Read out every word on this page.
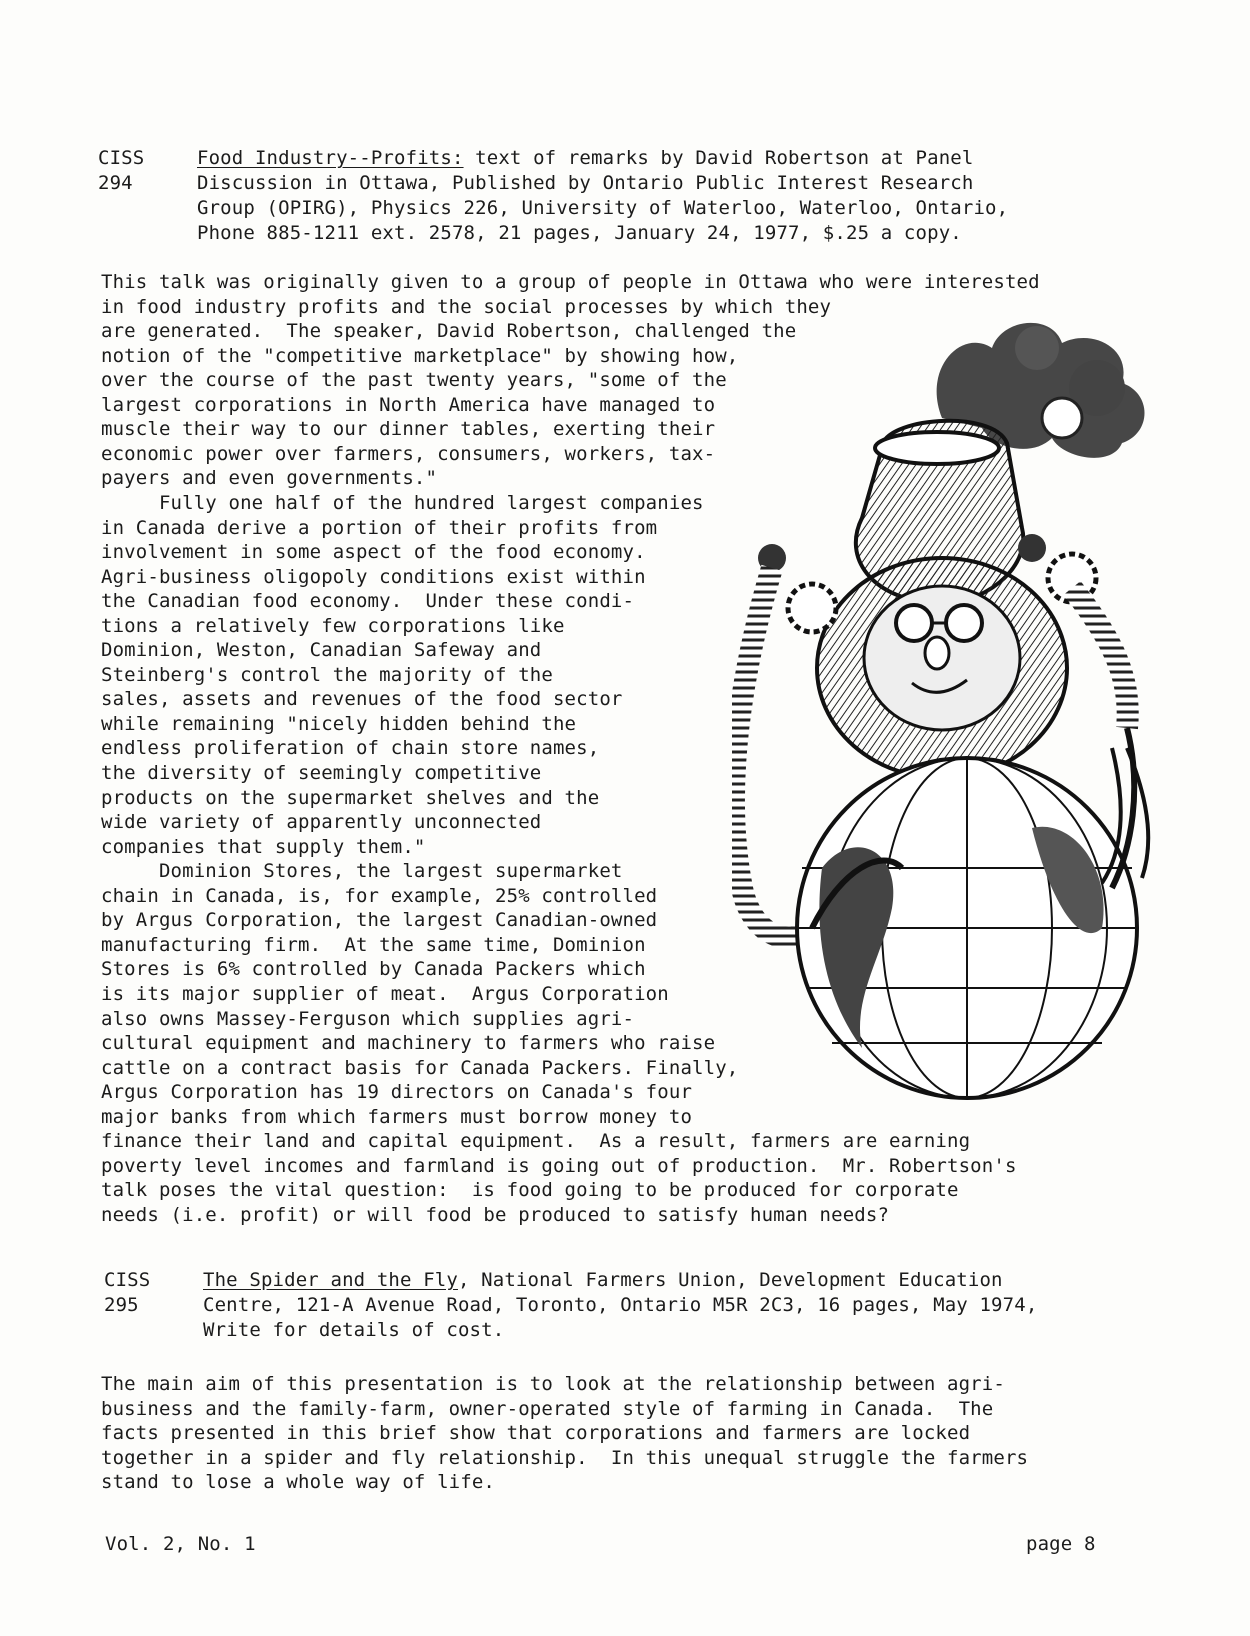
CISS
294
Food Industry--Profits: text of remarks by David Robertson at Panel
Discussion in Ottawa, Published by Ontario Public Interest Research
Group (OPIRG), Physics 226, University of Waterloo, Waterloo, Ontario,
Phone 885-1211 ext. 2578, 21 pages, January 24, 1977, $.25 a copy.
This talk was originally given to a group of people in Ottawa who were interested
in food industry profits and the social processes by which they
are generated.  The speaker, David Robertson, challenged the
notion of the "competitive marketplace" by showing how,
over the course of the past twenty years, "some of the
largest corporations in North America have managed to
muscle their way to our dinner tables, exerting their
economic power over farmers, consumers, workers, tax-
payers and even governments."
Fully one half of the hundred largest companies
in Canada derive a portion of their profits from
involvement in some aspect of the food economy.
Agri-business oligopoly conditions exist within
the Canadian food economy.  Under these condi-
tions a relatively few corporations like
Dominion, Weston, Canadian Safeway and
Steinberg's control the majority of the
sales, assets and revenues of the food sector
while remaining "nicely hidden behind the
endless proliferation of chain store names,
the diversity of seemingly competitive
products on the supermarket shelves and the
wide variety of apparently unconnected
companies that supply them."
Dominion Stores, the largest supermarket
chain in Canada, is, for example, 25% controlled
by Argus Corporation, the largest Canadian-owned
manufacturing firm.  At the same time, Dominion
Stores is 6% controlled by Canada Packers which
is its major supplier of meat.  Argus Corporation
also owns Massey-Ferguson which supplies agri-
cultural equipment and machinery to farmers who raise
cattle on a contract basis for Canada Packers. Finally,
Argus Corporation has 19 directors on Canada's four
major banks from which farmers must borrow money to
finance their land and capital equipment.  As a result, farmers are earning
poverty level incomes and farmland is going out of production.  Mr. Robertson's
talk poses the vital question:  is food going to be produced for corporate
needs (i.e. profit) or will food be produced to satisfy human needs?
CISS
295
The Spider and the Fly, National Farmers Union, Development Education
Centre, 121-A Avenue Road, Toronto, Ontario M5R 2C3, 16 pages, May 1974,
Write for details of cost.
The main aim of this presentation is to look at the relationship between agri-
business and the family-farm, owner-operated style of farming in Canada.  The
facts presented in this brief show that corporations and farmers are locked
together in a spider and fly relationship.  In this unequal struggle the farmers
stand to lose a whole way of life.
Vol. 2, No. 1	page 8
